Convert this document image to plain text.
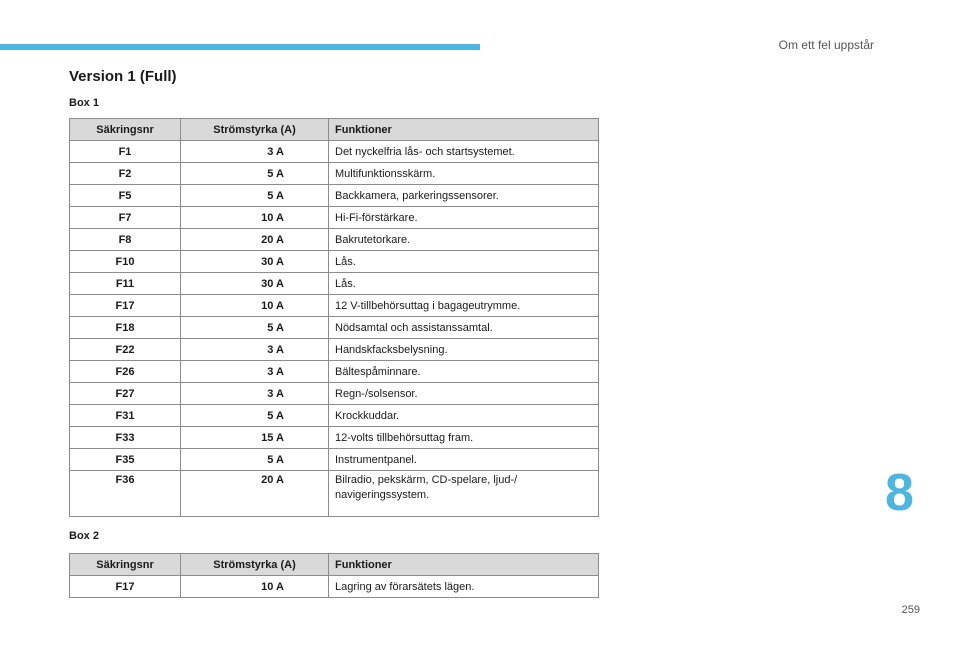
Om ett fel uppstår
Version 1 (Full)
Box 1
Säkringsnr	Strömstyrka (A)	Funktioner
F1	3 A	Det nyckelfria lås- och startsystemet.
F2	5 A	Multifunktionsskärm.
F5	5 A	Backkamera, parkeringssensorer.
F7	10 A	Hi-Fi-förstärkare.
F8	20 A	Bakrutetorkare.
F10	30 A	Lås.
F11	30 A	Lås.
F17	10 A	12 V-tillbehörsuttag i bagageutrymme.
F18	5 A	Nödsamtal och assistanssamtal.
F22	3 A	Handskfacksbelysning.
F26	3 A	Bältespåminnare.
F27	3 A	Regn-/solsensor.
F31	5 A	Krockkuddar.
F33	15 A	12-volts tillbehörsuttag fram.
F35	5 A	Instrumentpanel.
F36	20 A	Bilradio, pekskärm, CD-spelare, ljud-/
navigeringssystem.
Box 2
Säkringsnr	Strömstyrka (A)	Funktioner
F17	10 A	Lagring av förarsätets lägen.
8
259
